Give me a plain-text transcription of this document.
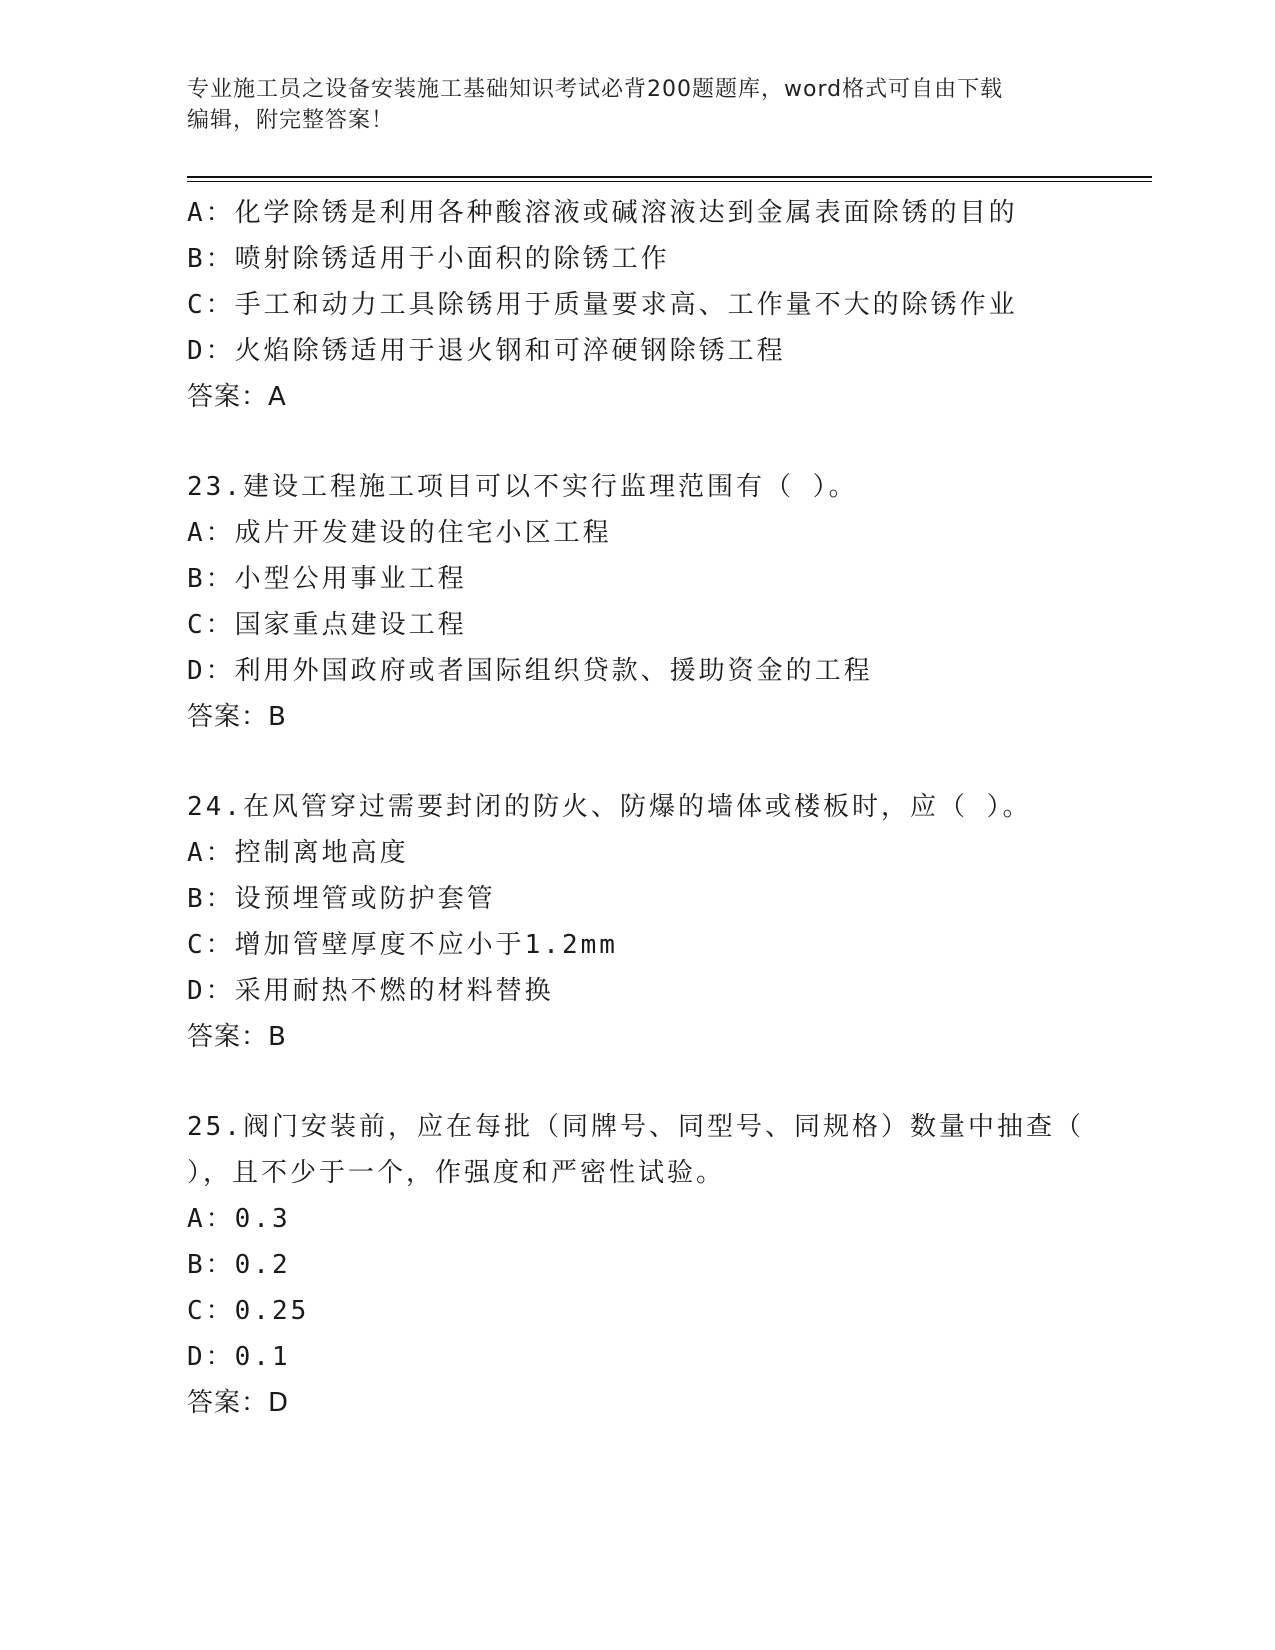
专业施工员之设备安装施工基础知识考试必背200题题库，word格式可自由下载
编辑，附完整答案！
A：化学除锈是利用各种酸溶液或碱溶液达到金属表面除锈的目的
B：喷射除锈适用于小面积的除锈工作
C：手工和动力工具除锈用于质量要求高、工作量不大的除锈作业
D：火焰除锈适用于退火钢和可淬硬钢除锈工程
答案：A
23.建设工程施工项目可以不实行监理范围有（ ）。
A：成片开发建设的住宅小区工程
B：小型公用事业工程
C：国家重点建设工程
D：利用外国政府或者国际组织贷款、援助资金的工程
答案：B
24.在风管穿过需要封闭的防火、防爆的墙体或楼板时，应（ ）。
A：控制离地高度
B：设预埋管或防护套管
C：增加管壁厚度不应小于1.2mm
D：采用耐热不燃的材料替换
答案：B
25.阀门安装前，应在每批（同牌号、同型号、同规格）数量中抽查（
），且不少于一个，作强度和严密性试验。
A：0.3
B：0.2
C：0.25
D：0.1
答案：D
